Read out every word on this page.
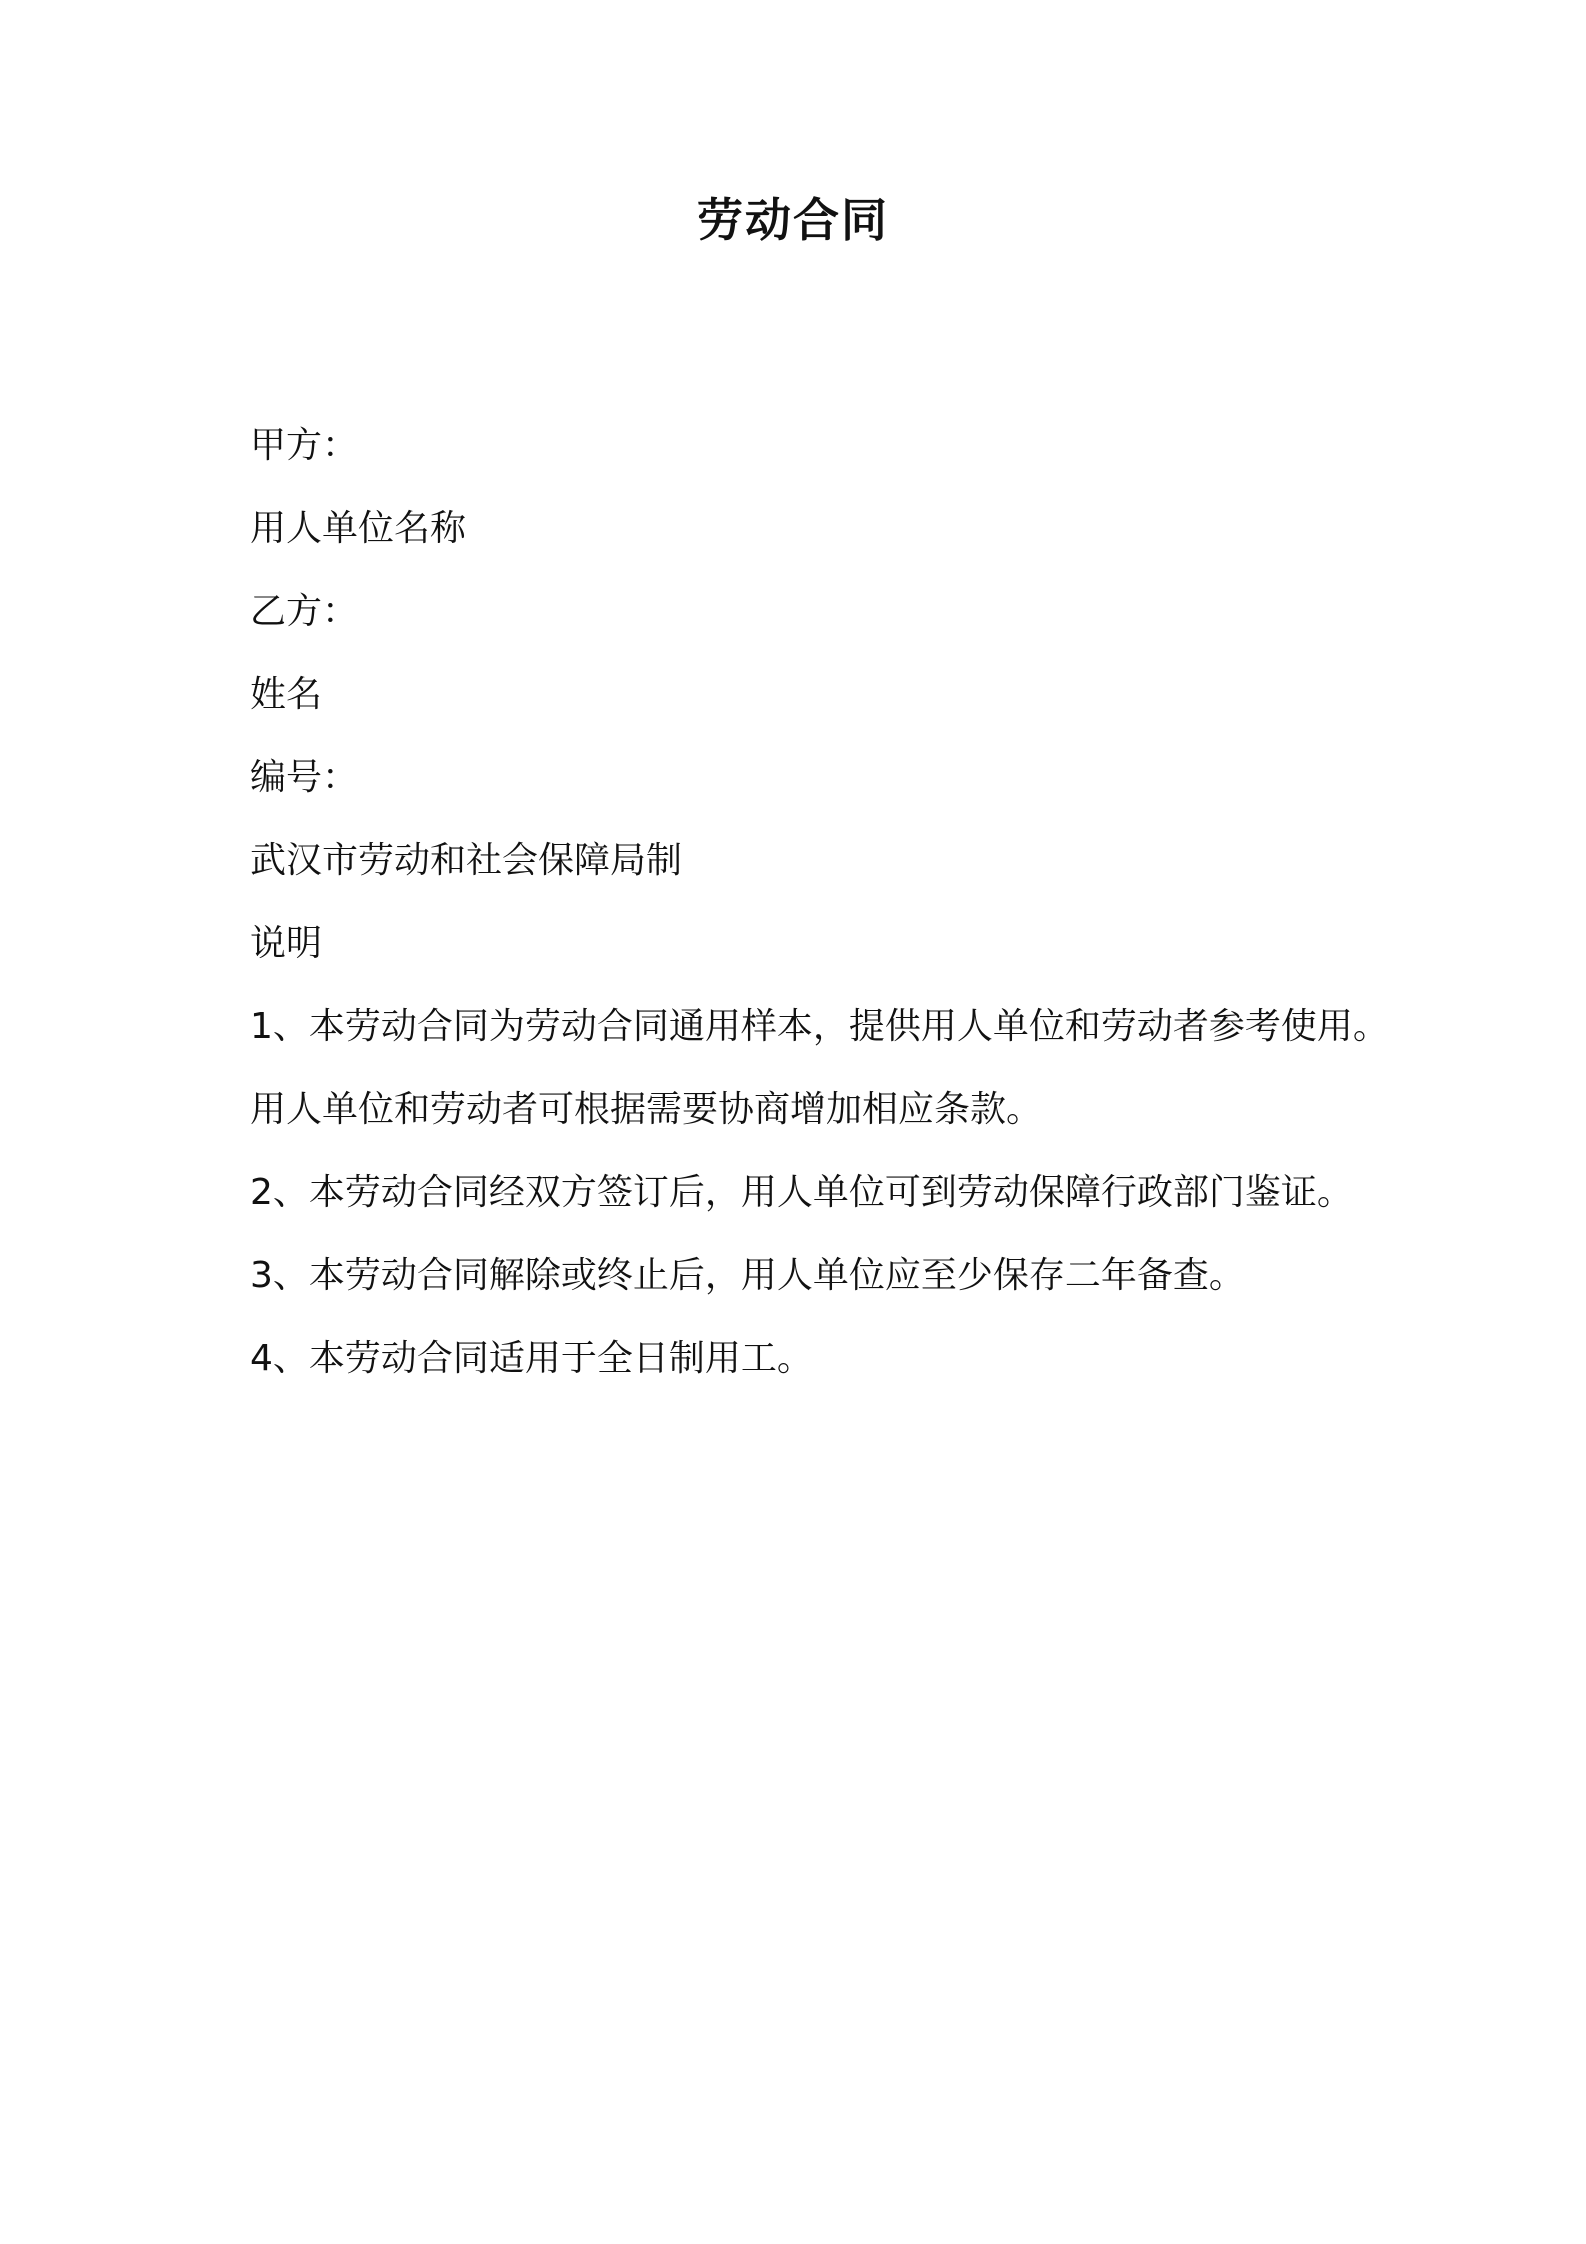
劳动合同
甲方：
用人单位名称
乙方：
姓名
编号：
武汉市劳动和社会保障局制
说明
1、本劳动合同为劳动合同通用样本，提供用人单位和劳动者参考使用。
用人单位和劳动者可根据需要协商增加相应条款。
2、本劳动合同经双方签订后，用人单位可到劳动保障行政部门鉴证。
3、本劳动合同解除或终止后，用人单位应至少保存二年备查。
4、本劳动合同适用于全日制用工。
